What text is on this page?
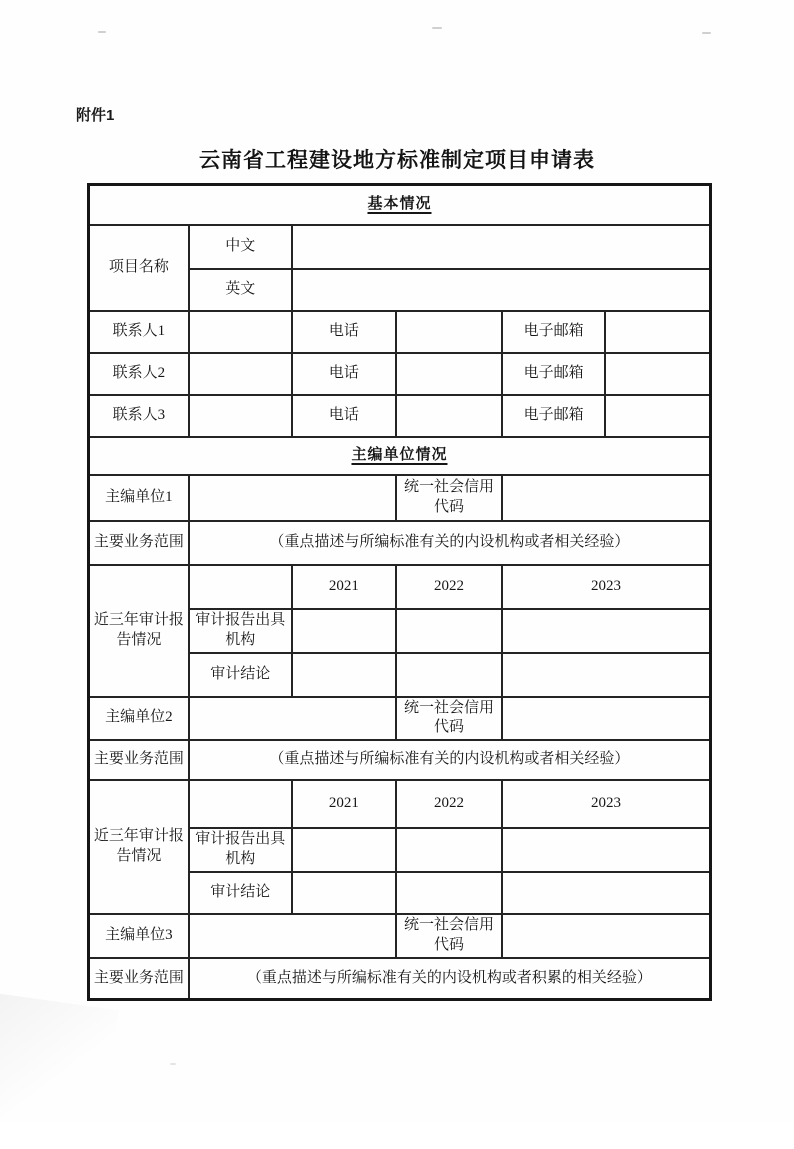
附件1
云南省工程建设地方标准制定项目申请表
基本情况					
项目名称	中文				
	英文				
联系人1		电话		电子邮箱	
联系人2		电话		电子邮箱	
联系人3		电话		电子邮箱	
主编单位情况					
主编单位1			统一社会信用代码		
主要业务范围	（重点描述与所编标准有关的内设机构或者相关经验）				
近三年审计报告情况		2021	2022	2023	
	审计报告出具机构				
	审计结论				
主编单位2			统一社会信用代码		
主要业务范围	（重点描述与所编标准有关的内设机构或者相关经验）				
近三年审计报告情况		2021	2022	2023	
	审计报告出具机构				
	审计结论				
主编单位3			统一社会信用代码		
主要业务范围	（重点描述与所编标准有关的内设机构或者积累的相关经验）				
